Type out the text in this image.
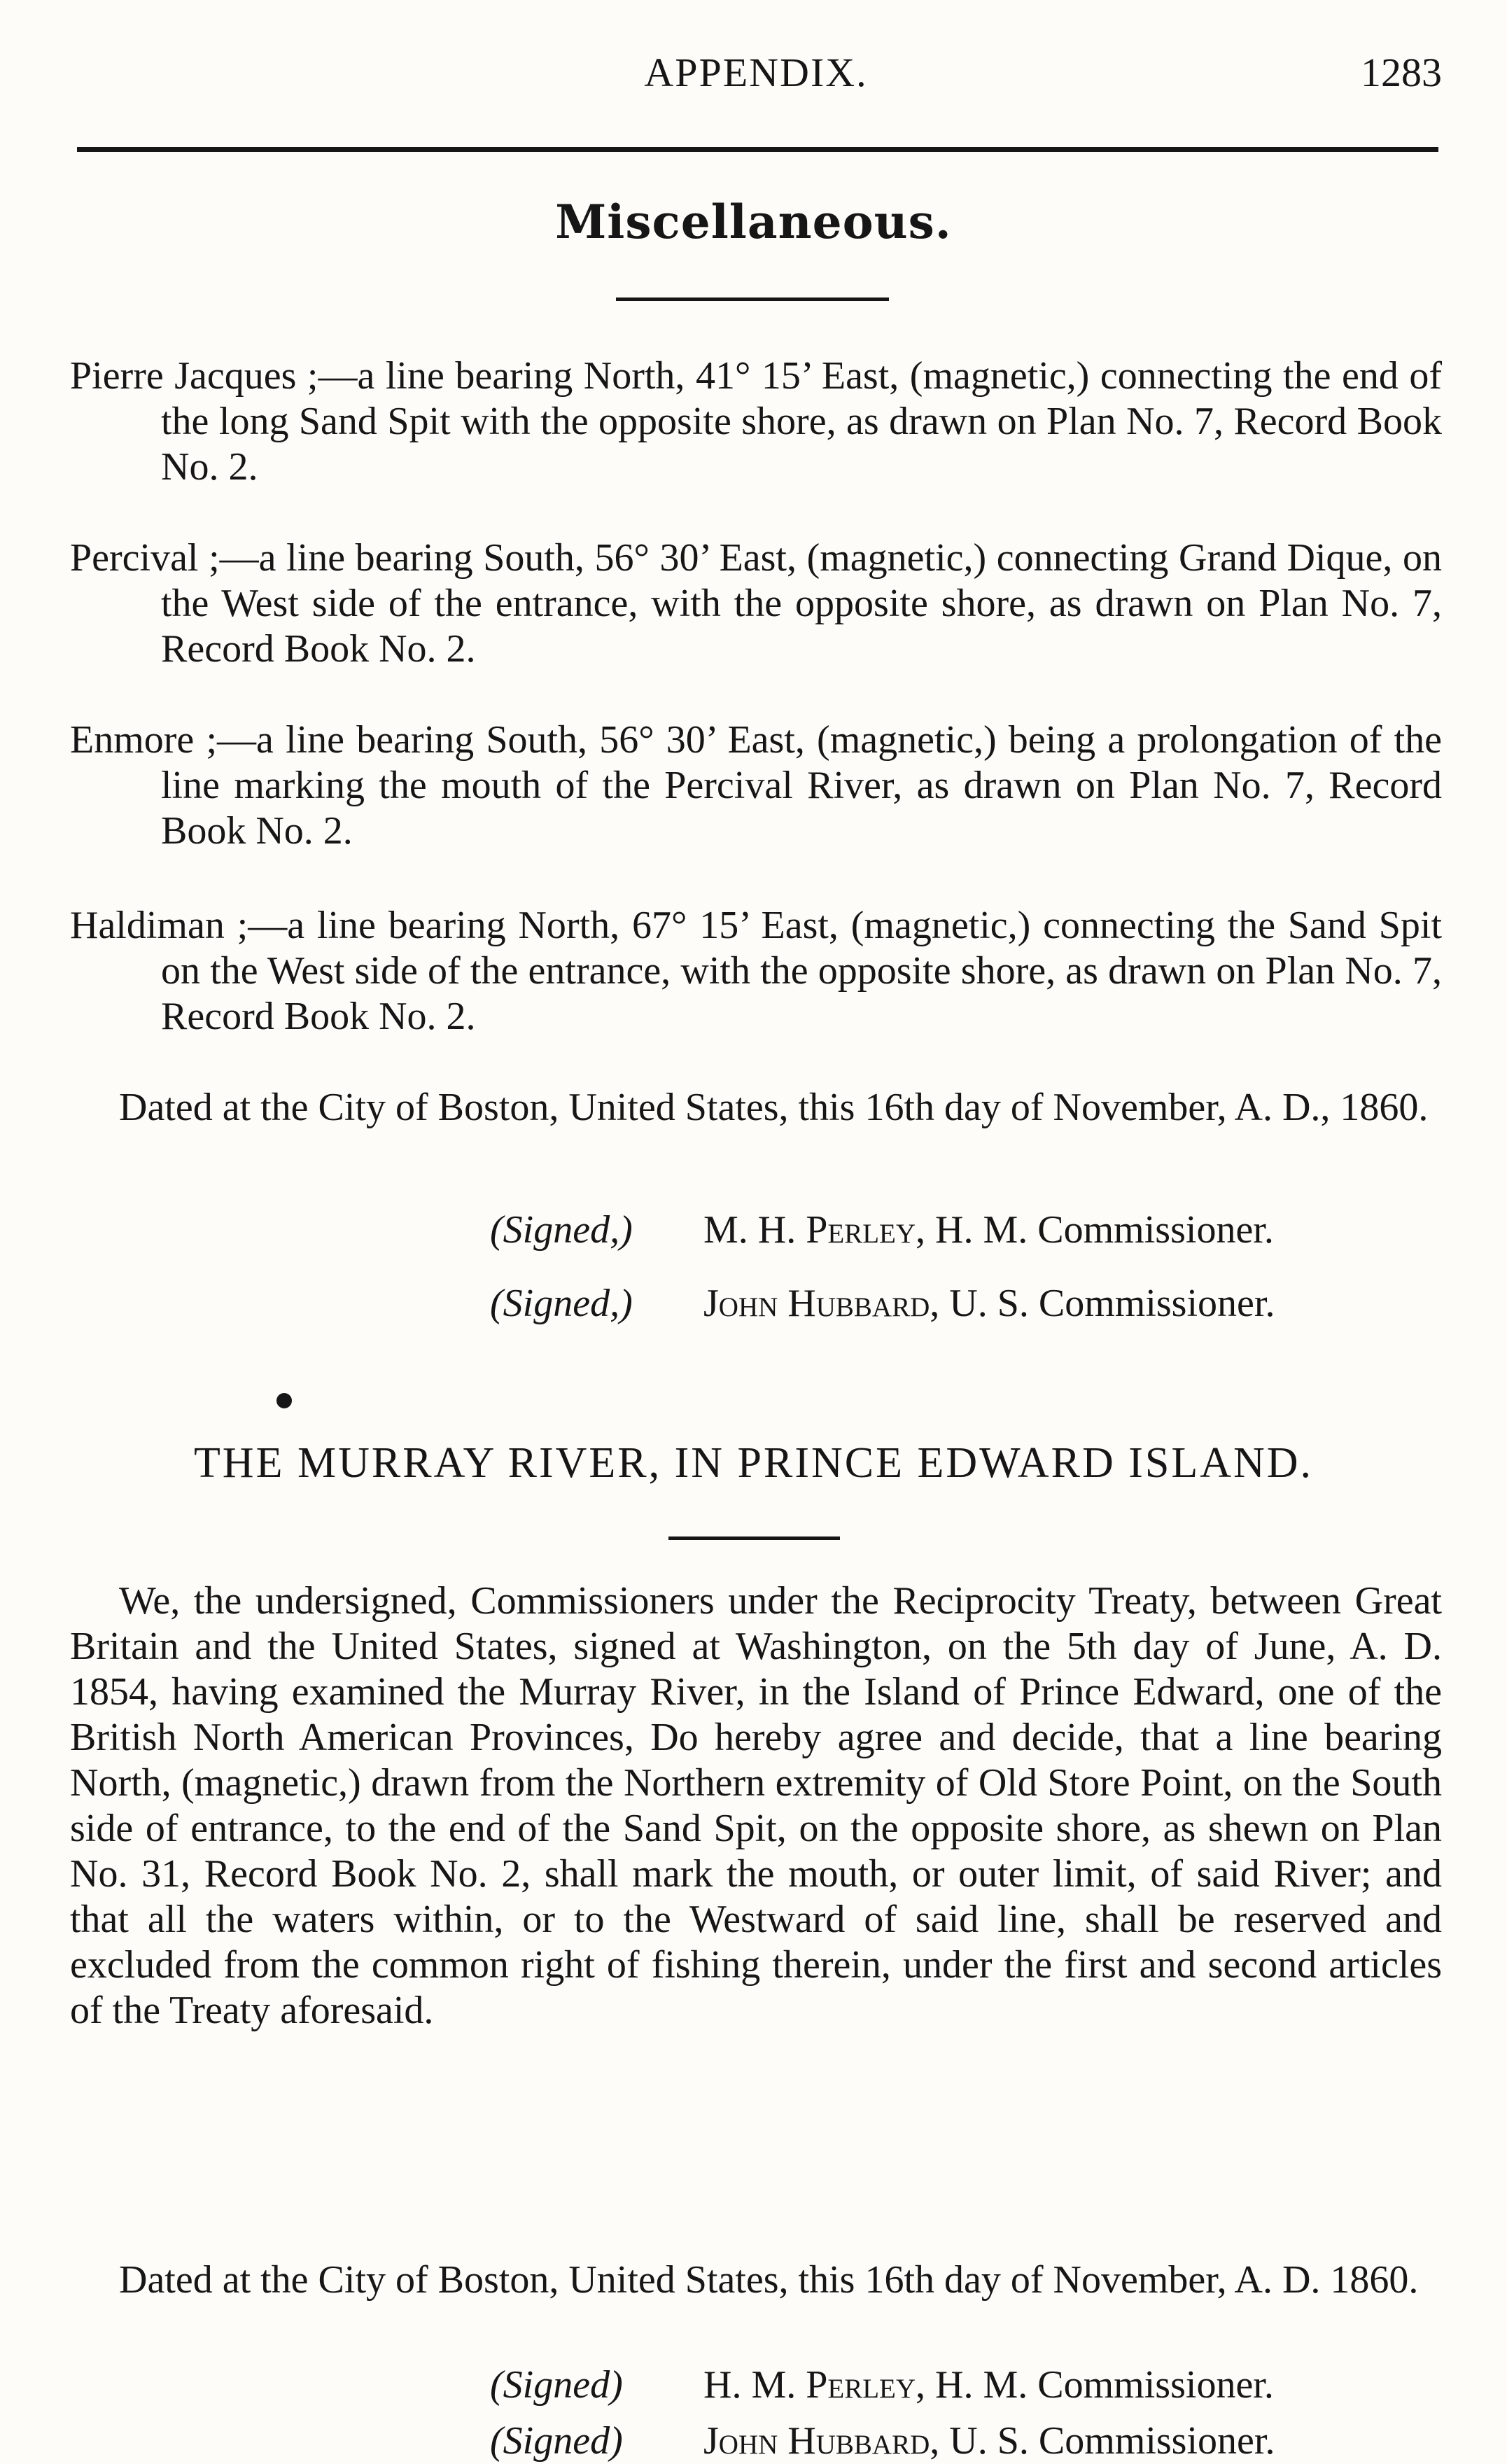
APPENDIX.	1283
Miscellaneous.

Pierre Jacques ;—a line bearing North, 41° 15’ East, (magnetic,) connecting the end of the long Sand Spit with the opposite shore, as drawn on Plan No. 7, Record Book No. 2.

Percival ;—a line bearing South, 56° 30’ East, (magnetic,) connecting Grand Dique, on the West side of the entrance, with the opposite shore, as drawn on Plan No. 7, Record Book No. 2.

Enmore ;—a line bearing South, 56° 30’ East, (magnetic,) being a prolongation of the line marking the mouth of the Percival River, as drawn on Plan No. 7, Record Book No. 2.

Haldiman ;—a line bearing North, 67° 15’ East, (magnetic,) connecting the Sand Spit on the West side of the entrance, with the opposite shore, as drawn on Plan No. 7, Record Book No. 2.

Dated at the City of Boston, United States, this 16th day of November, A. D., 1860.

(Signed,) M. H. Perley, H. M. Commissioner.
(Signed,) John Hubbard, U. S. Commissioner.
THE MURRAY RIVER, IN PRINCE EDWARD ISLAND.

We, the undersigned, Commissioners under the Reciprocity Treaty, between Great Britain and the United States, signed at Washington, on the 5th day of June, A. D. 1854, having examined the Murray River, in the Island of Prince Edward, one of the British North American Provinces, Do hereby agree and decide, that a line bearing North, (magnetic,) drawn from the Northern extremity of Old Store Point, on the South side of entrance, to the end of the Sand Spit, on the opposite shore, as shewn on Plan No. 31, Record Book No. 2, shall mark the mouth, or outer limit, of said River; and that all the waters within, or to the Westward of said line, shall be reserved and excluded from the common right of fishing therein, under the first and second articles of the Treaty aforesaid.

Dated at the City of Boston, United States, this 16th day of November, A. D. 1860.

(Signed) H. M. Perley, H. M. Commissioner.
(Signed) John Hubbard, U. S. Commissioner.
